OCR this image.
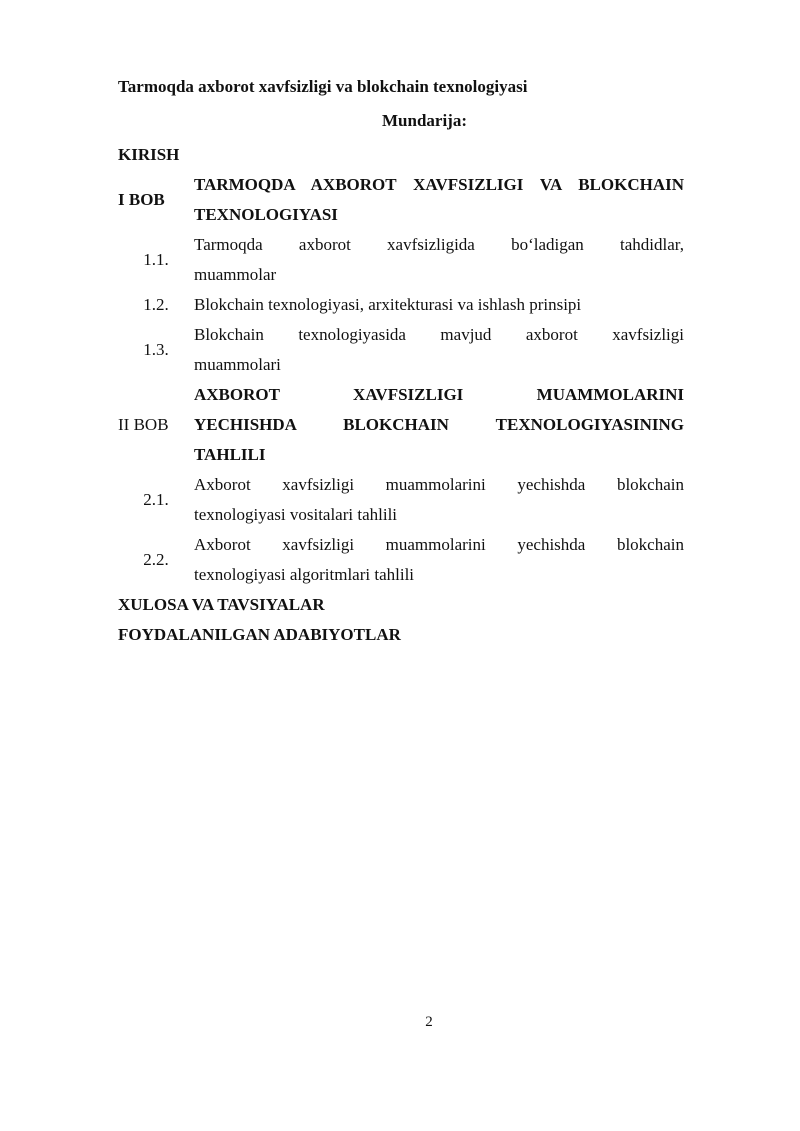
Tarmoqda axborot xavfsizligi va blokchain texnologiyasi
Mundarija:
KIRISH
I BOB
TARMOQDA AXBOROT XAVFSIZLIGI VA BLOKCHAIN
TEXNOLOGIYASI
1.1.
Tarmoqda axborot xavfsizligida bo‘ladigan tahdidlar,
muammolar
1.2.	Blokchain texnologiyasi, arxitekturasi va ishlash prinsipi
1.3.
Blokchain texnologiyasida mavjud axborot xavfsizligi
muammolari
II BOB
AXBOROT XAVFSIZLIGI MUAMMOLARINI
YECHISHDA BLOKCHAIN TEXNOLOGIYASINING
TAHLILI
2.1.
Axborot xavfsizligi muammolarini yechishda blokchain
texnologiyasi vositalari tahlili
2.2.
Axborot xavfsizligi muammolarini yechishda blokchain
texnologiyasi algoritmlari tahlili
XULOSA VA TAVSIYALAR
FOYDALANILGAN ADABIYOTLAR
2
